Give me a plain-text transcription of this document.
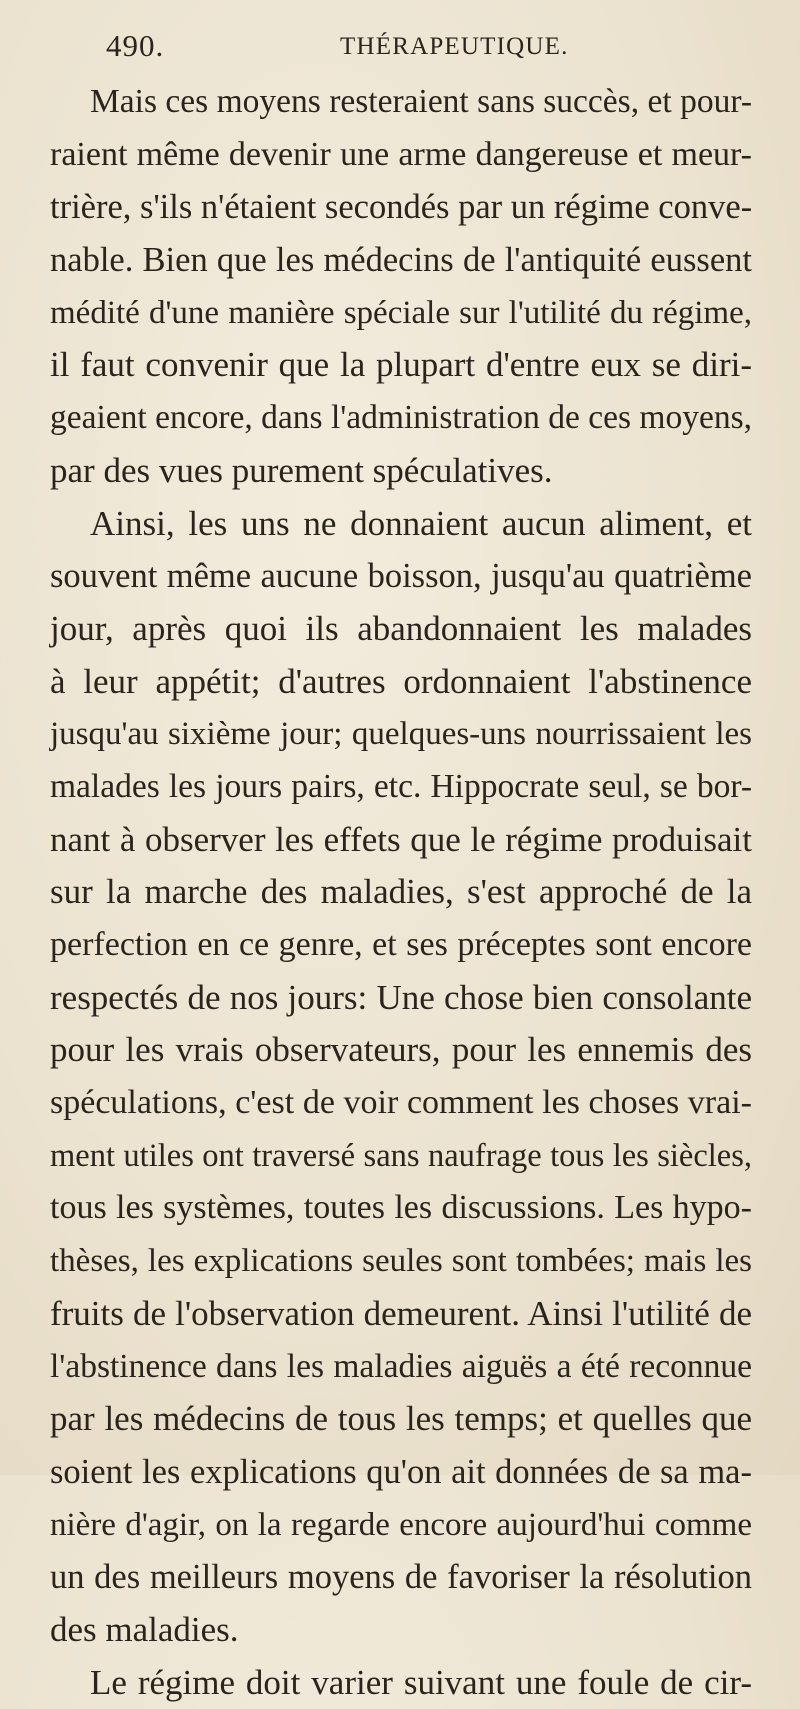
490.	THÉRAPEUTIQUE.
Mais ces moyens resteraient sans succès, et pour-
raient même devenir une arme dangereuse et meur-
trière, s'ils n'étaient secondés par un régime conve-
nable. Bien que les médecins de l'antiquité eussent
médité d'une manière spéciale sur l'utilité du régime,
il faut convenir que la plupart d'entre eux se diri-
geaient encore, dans l'administration de ces moyens,
par des vues purement spéculatives.
Ainsi, les uns ne donnaient aucun aliment, et
souvent même aucune boisson, jusqu'au quatrième
jour, après quoi ils abandonnaient les malades
à leur appétit; d'autres ordonnaient l'abstinence
jusqu'au sixième jour; quelques-uns nourrissaient les
malades les jours pairs, etc. Hippocrate seul, se bor-
nant à observer les effets que le régime produisait
sur la marche des maladies, s'est approché de la
perfection en ce genre, et ses préceptes sont encore
respectés de nos jours: Une chose bien consolante
pour les vrais observateurs, pour les ennemis des
spéculations, c'est de voir comment les choses vrai-
ment utiles ont traversé sans naufrage tous les siècles,
tous les systèmes, toutes les discussions. Les hypo-
thèses, les explications seules sont tombées; mais les
fruits de l'observation demeurent. Ainsi l'utilité de
l'abstinence dans les maladies aiguës a été reconnue
par les médecins de tous les temps; et quelles que
soient les explications qu'on ait données de sa ma-
nière d'agir, on la regarde encore aujourd'hui comme
un des meilleurs moyens de favoriser la résolution
des maladies.
Le régime doit varier suivant une foule de cir-
